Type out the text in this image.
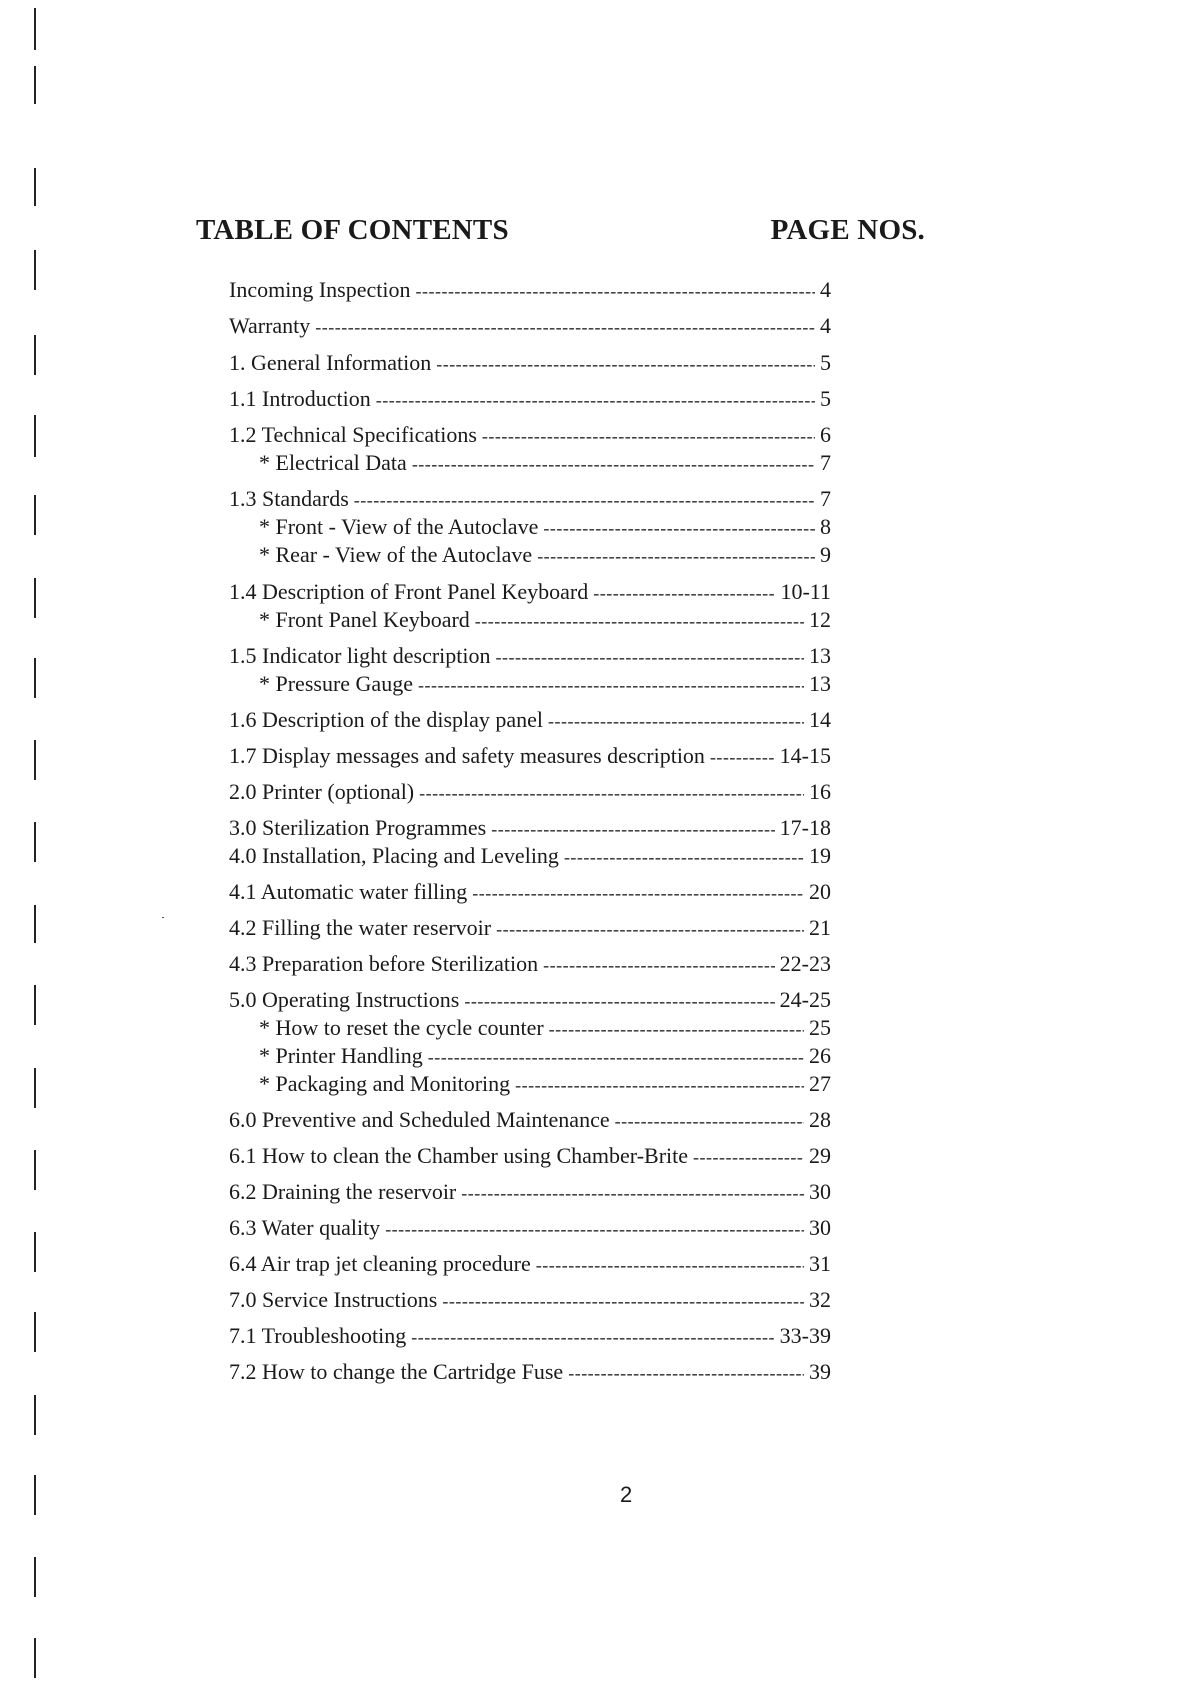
TABLE OF CONTENTS	PAGE NOS.
Incoming Inspection -----	4
Warranty -----	4
1. General Information -----	5
1.1 Introduction -----	5
1.2 Technical Specifications -----	6
* Electrical Data -----	7
1.3 Standards -----	7
* Front - View of the Autoclave -----	8
* Rear - View of the Autoclave -----	9
1.4 Description of Front Panel Keyboard -----	10-11
* Front Panel Keyboard -----	12
1.5 Indicator light description -----	13
* Pressure Gauge -----	13
1.6 Description of the display panel -----	14
1.7 Display messages and safety measures description -----	14-15
2.0 Printer (optional) -----	16
3.0 Sterilization Programmes -----	17-18
4.0 Installation, Placing and Leveling -----	19
4.1 Automatic water filling -----	20
4.2 Filling the water reservoir -----	21
4.3 Preparation before Sterilization -----	22-23
5.0 Operating Instructions -----	24-25
* How to reset the cycle counter -----	25
* Printer Handling -----	26
* Packaging and Monitoring -----	27
6.0 Preventive and Scheduled Maintenance -----	28
6.1 How to clean the Chamber using Chamber-Brite -----	29
6.2 Draining the reservoir -----	30
6.3 Water quality -----	30
6.4 Air trap jet cleaning procedure -----	31
7.0 Service Instructions -----	32
7.1 Troubleshooting -----	33-39
7.2 How to change the Cartridge Fuse -----	39
2
